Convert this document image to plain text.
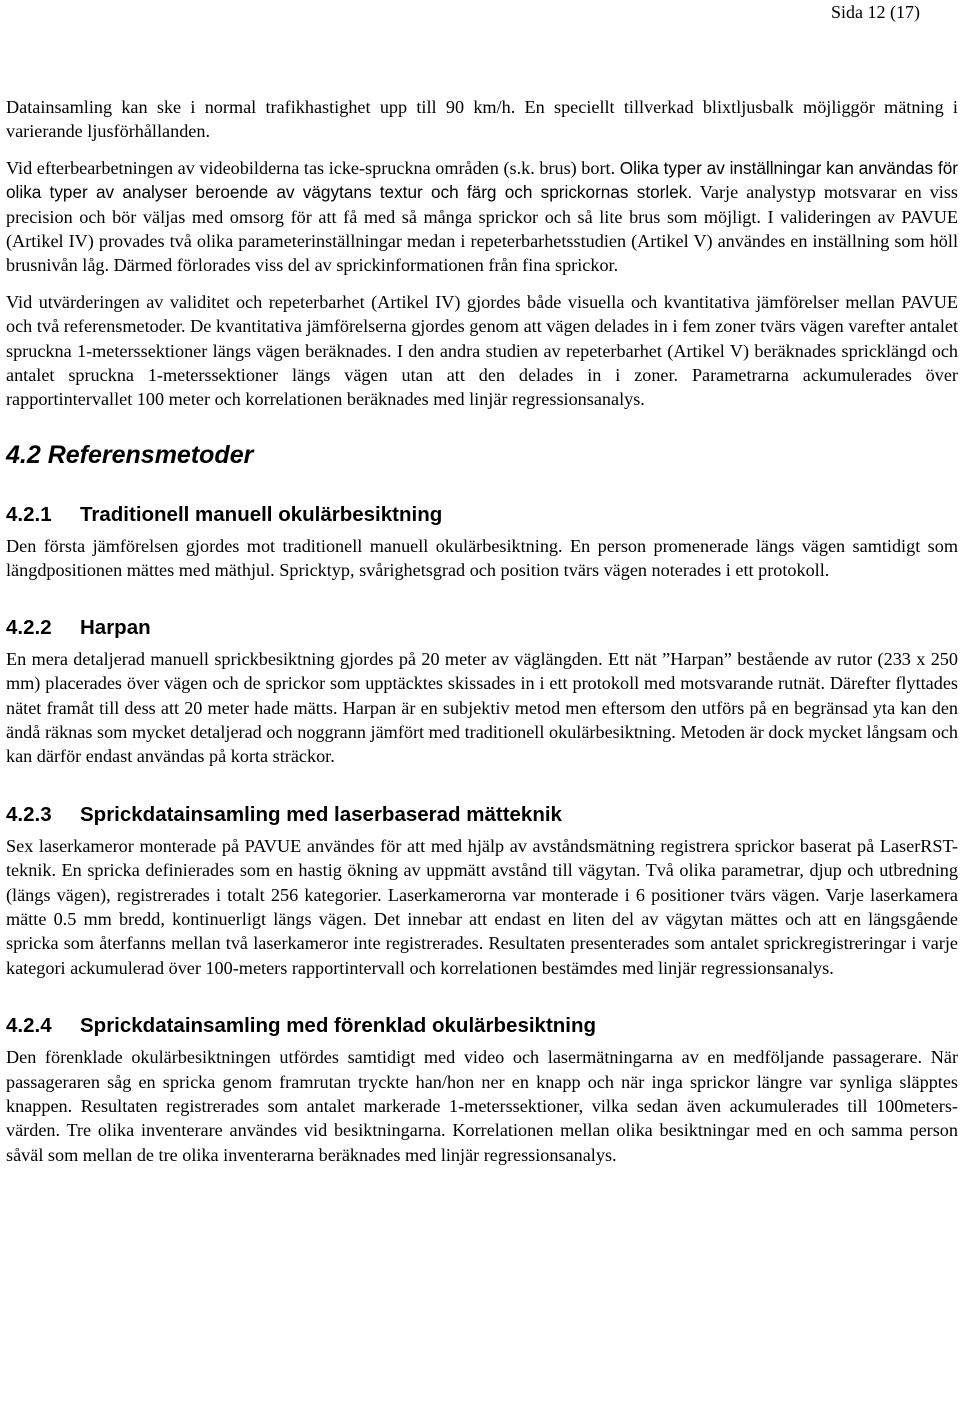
Sida 12 (17)

Datainsamling kan ske i normal trafikhastighet upp till 90 km/h. En speciellt tillverkad blixtljusbalk möjliggör mätning i varierande ljusförhållanden.

Vid efterbearbetningen av videobilderna tas icke-spruckna områden (s.k. brus) bort. Olika typer av inställningar kan användas för olika typer av analyser beroende av vägytans textur och färg och sprickornas storlek. Varje analystyp motsvarar en viss precision och bör väljas med omsorg för att få med så många sprickor och så lite brus som möjligt. I valideringen av PAVUE (Artikel IV) provades två olika parameterinställningar medan i repeterbarhetsstudien (Artikel V) användes en inställning som höll brusnivån låg. Därmed förlorades viss del av sprickinformationen från fina sprickor.

Vid utvärderingen av validitet och repeterbarhet (Artikel IV) gjordes både visuella och kvantitativa jämförelser mellan PAVUE och två referensmetoder. De kvantitativa jämförelserna gjordes genom att vägen delades in i fem zoner tvärs vägen varefter antalet spruckna 1-meterssektioner längs vägen beräknades. I den andra studien av repeterbarhet (Artikel V) beräknades spricklängd och antalet spruckna 1-meterssektioner längs vägen utan att den delades in i zoner. Parametrarna ackumulerades över rapportintervallet 100 meter och korrelationen beräknades med linjär regressionsanalys.

4.2 Referensmetoder
4.2.1 Traditionell manuell okulärbesiktning

Den första jämförelsen gjordes mot traditionell manuell okulärbesiktning. En person promenerade längs vägen samtidigt som längdpositionen mättes med mäthjul. Spricktyp, svårighetsgrad och position tvärs vägen noterades i ett protokoll.

4.2.2 Harpan

En mera detaljerad manuell sprickbesiktning gjordes på 20 meter av väglängden. Ett nät ”Harpan” bestående av rutor (233 x 250 mm) placerades över vägen och de sprickor som upptäcktes skissades in i ett protokoll med motsvarande rutnät. Därefter flyttades nätet framåt till dess att 20 meter hade mätts. Harpan är en subjektiv metod men eftersom den utförs på en begränsad yta kan den ändå räknas som mycket detaljerad och noggrann jämfört med traditionell okulärbesiktning. Metoden är dock mycket långsam och kan därför endast användas på korta sträckor.

4.2.3 Sprickdatainsamling med laserbaserad mätteknik

Sex laserkameror monterade på PAVUE användes för att med hjälp av avståndsmätning registrera sprickor baserat på LaserRST-teknik. En spricka definierades som en hastig ökning av uppmätt avstånd till vägytan. Två olika parametrar, djup och utbredning (längs vägen), registrerades i totalt 256 kategorier. Laserkamerorna var monterade i 6 positioner tvärs vägen. Varje laserkamera mätte 0.5 mm bredd, kontinuerligt längs vägen. Det innebar att endast en liten del av vägytan mättes och att en längsgående spricka som återfanns mellan två laserkameror inte registrerades. Resultaten presenterades som antalet sprickregistreringar i varje kategori ackumulerad över 100-meters rapportintervall och korrelationen bestämdes med linjär regressionsanalys.

4.2.4 Sprickdatainsamling med förenklad okulärbesiktning

Den förenklade okulärbesiktningen utfördes samtidigt med video och lasermätningarna av en medföljande passagerare. När passageraren såg en spricka genom framrutan tryckte han/hon ner en knapp och när inga sprickor längre var synliga släpptes knappen. Resultaten registrerades som antalet markerade 1-meterssektioner, vilka sedan även ackumulerades till 100meters-värden. Tre olika inventerare användes vid besiktningarna. Korrelationen mellan olika besiktningar med en och samma person såväl som mellan de tre olika inventerarna beräknades med linjär regressionsanalys.
